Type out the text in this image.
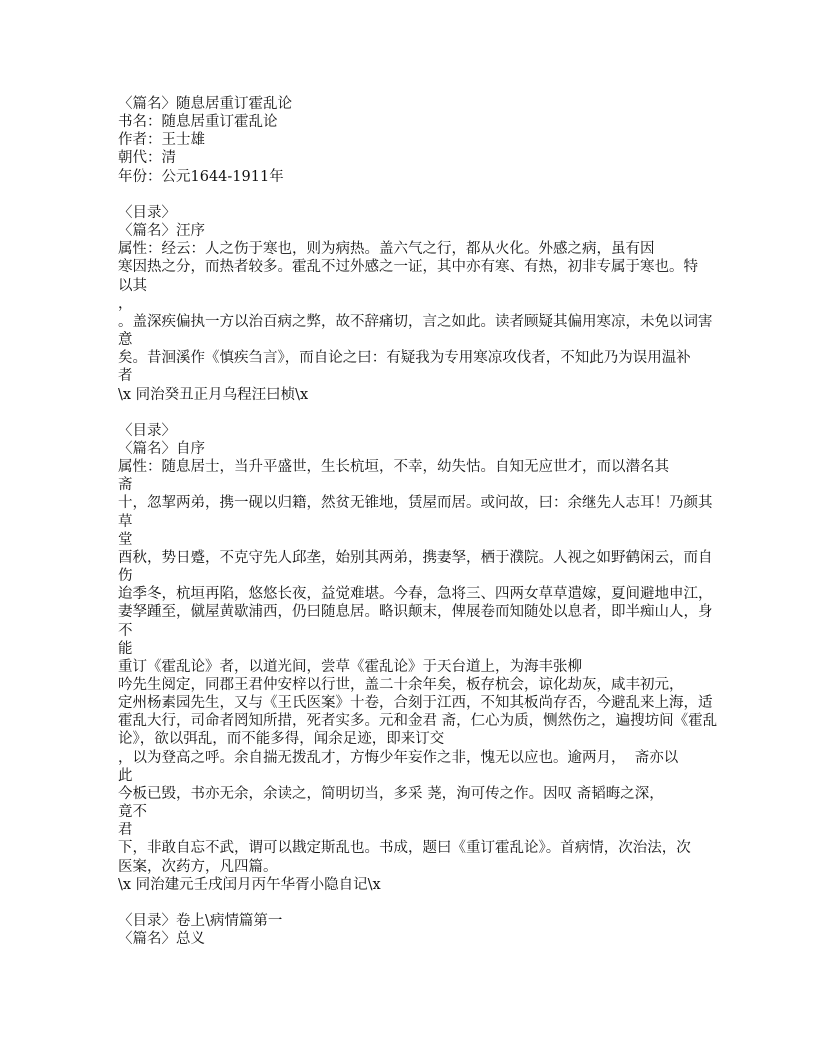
〈篇名〉随息居重订霍乱论
书名：随息居重订霍乱论
作者：王士雄
朝代：清
年份：公元1644-1911年
〈目录〉
〈篇名〉汪序
属性：经云：人之伤于寒也，则为病热。盖六气之行，都从火化。外感之病，虽有因
寒因热之分，而热者较多。霍乱不过外感之一证，其中亦有寒、有热，初非专属于寒也。特
以其
，
。盖深疾偏执一方以治百病之弊，故不辞痛切，言之如此。读者顾疑其偏用寒凉，未免以词害
意
矣。昔洄溪作《慎疾刍言》，而自论之曰：有疑我为专用寒凉攻伐者，不知此乃为误用温补
者
\x 同治癸丑正月乌程汪曰桢\x
〈目录〉
〈篇名〉自序
属性：随息居士，当升平盛世，生长杭垣，不幸，幼失怙。自知无应世才，而以潜名其
斋
十，忽挈两弟，携一砚以归籍，然贫无锥地，赁屋而居。或问故，曰：余继先人志耳！乃颜其
草
堂
酉秋，势日蹙，不克守先人邱垄，始别其两弟，携妻孥，栖于濮院。人视之如野鹤闲云，而自
伤
迨季冬，杭垣再陷，悠悠长夜，益觉难堪。今春，急将三、四两女草草遣嫁，夏间避地申江，
妻孥踵至，僦屋黄歇浦西，仍曰随息居。略识颠末，俾展卷而知随处以息者，即半痴山人，身
不
能
重订《霍乱论》者，以道光间，尝草《霍乱论》于天台道上，为海丰张柳
吟先生阅定，同郡王君仲安梓以行世，盖二十余年矣，板存杭会，谅化劫灰，咸丰初元，
定州杨素园先生，又与《王氏医案》十卷，合刻于江西，不知其板尚存否，今避乱来上海，适
霍乱大行，司命者罔知所措，死者实多。元和金君 斋，仁心为质，恻然伤之，遍搜坊间《霍乱
论》，欲以弭乱，而不能多得，闻余足迹，即来订交
，以为登高之呼。余自揣无拨乱才，方悔少年妄作之非，愧无以应也。逾两月，  斋亦以
此
今板已毁，书亦无余，余读之，简明切当，多采 荛，洵可传之作。因叹 斋韬晦之深，
竟不
君
下，非敢自忘不武，谓可以戡定斯乱也。书成，题曰《重订霍乱论》。首病情，次治法，次
医案，次药方，凡四篇。
\x 同治建元壬戌闰月丙午华胥小隐自记\x
〈目录〉卷上\病情篇第一
〈篇名〉总义
